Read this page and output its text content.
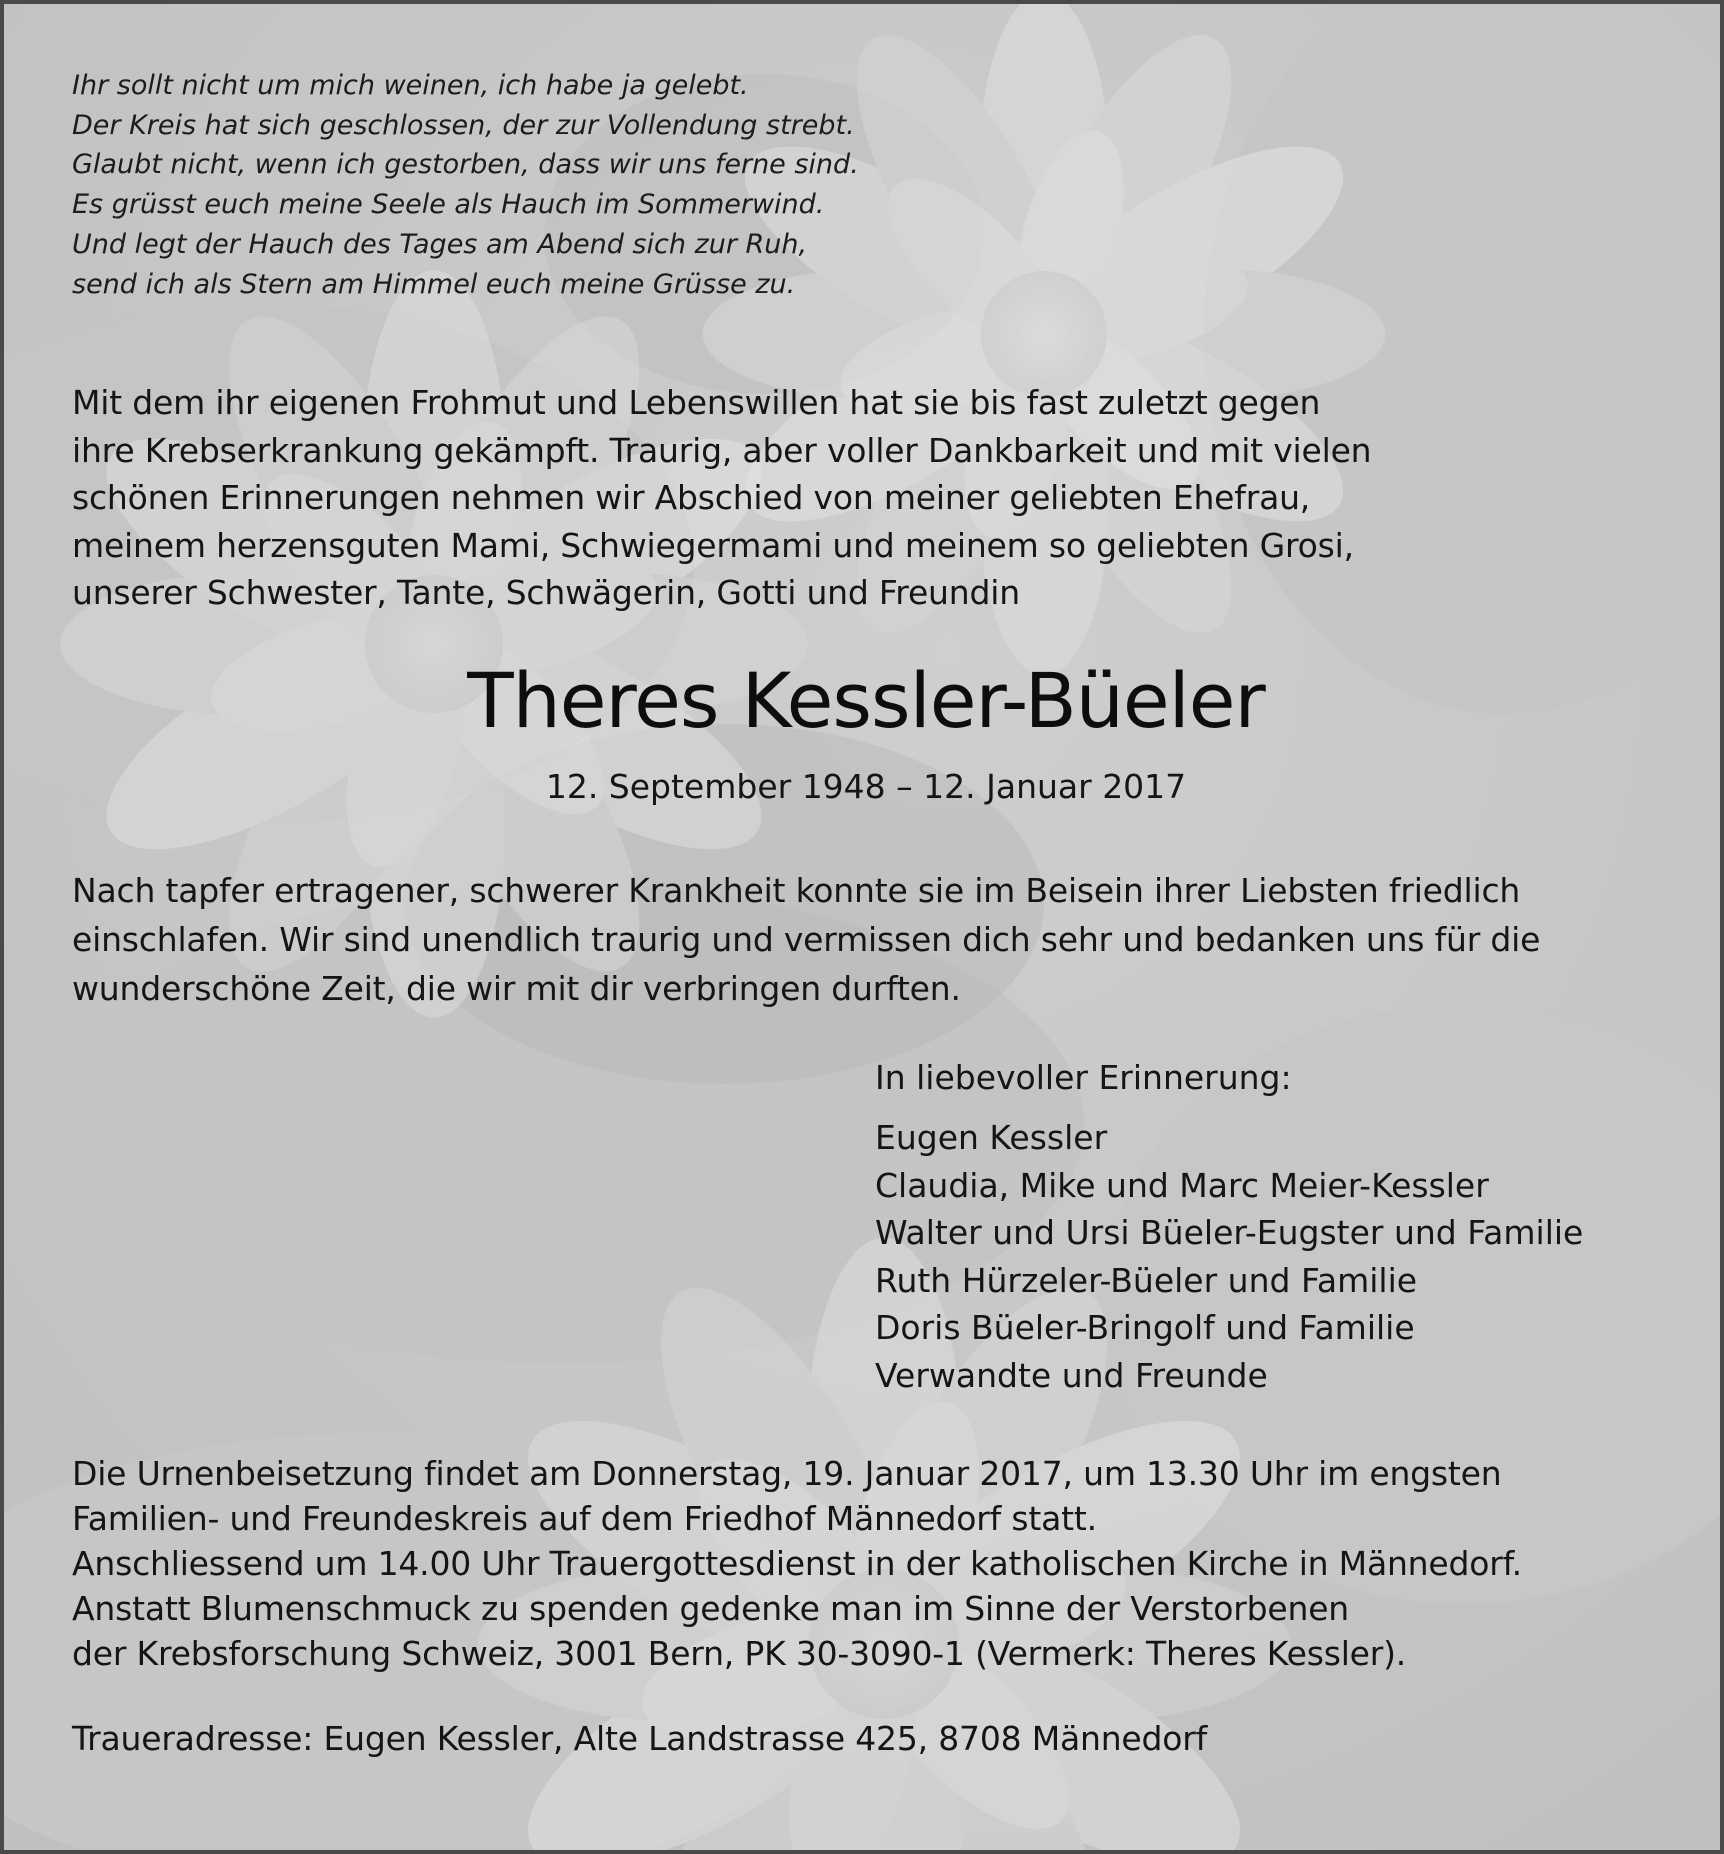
Ihr sollt nicht um mich weinen, ich habe ja gelebt.
Der Kreis hat sich geschlossen, der zur Vollendung strebt.
Glaubt nicht, wenn ich gestorben, dass wir uns ferne sind.
Es grüsst euch meine Seele als Hauch im Sommerwind.
Und legt der Hauch des Tages am Abend sich zur Ruh,
send ich als Stern am Himmel euch meine Grüsse zu.
Mit dem ihr eigenen Frohmut und Lebenswillen hat sie bis fast zuletzt gegen
ihre Krebserkrankung gekämpft. Traurig, aber voller Dankbarkeit und mit vielen
schönen Erinnerungen nehmen wir Abschied von meiner geliebten Ehefrau,
meinem herzensguten Mami, Schwiegermami und meinem so geliebten Grosi,
unserer Schwester, Tante, Schwägerin, Gotti und Freundin
Theres Kessler-Büeler

12. September 1948 – 12. Januar 2017

Nach tapfer ertragener, schwerer Krankheit konnte sie im Beisein ihrer Liebsten friedlich
einschlafen. Wir sind unendlich traurig und vermissen dich sehr und bedanken uns für die
wunderschöne Zeit, die wir mit dir verbringen durften.
In liebevoller Erinnerung:
Eugen Kessler
Claudia, Mike und Marc Meier-Kessler
Walter und Ursi Büeler-Eugster und Familie
Ruth Hürzeler-Büeler und Familie
Doris Büeler-Bringolf und Familie
Verwandte und Freunde
Die Urnenbeisetzung findet am Donnerstag, 19. Januar 2017, um 13.30 Uhr im engsten
Familien- und Freundeskreis auf dem Friedhof Männedorf statt.
Anschliessend um 14.00 Uhr Trauergottesdienst in der katholischen Kirche in Männedorf.
Anstatt Blumenschmuck zu spenden gedenke man im Sinne der Verstorbenen
der Krebsforschung Schweiz, 3001 Bern, PK 30-3090-1 (Vermerk: Theres Kessler).

Traueradresse: Eugen Kessler, Alte Landstrasse 425, 8708 Männedorf
